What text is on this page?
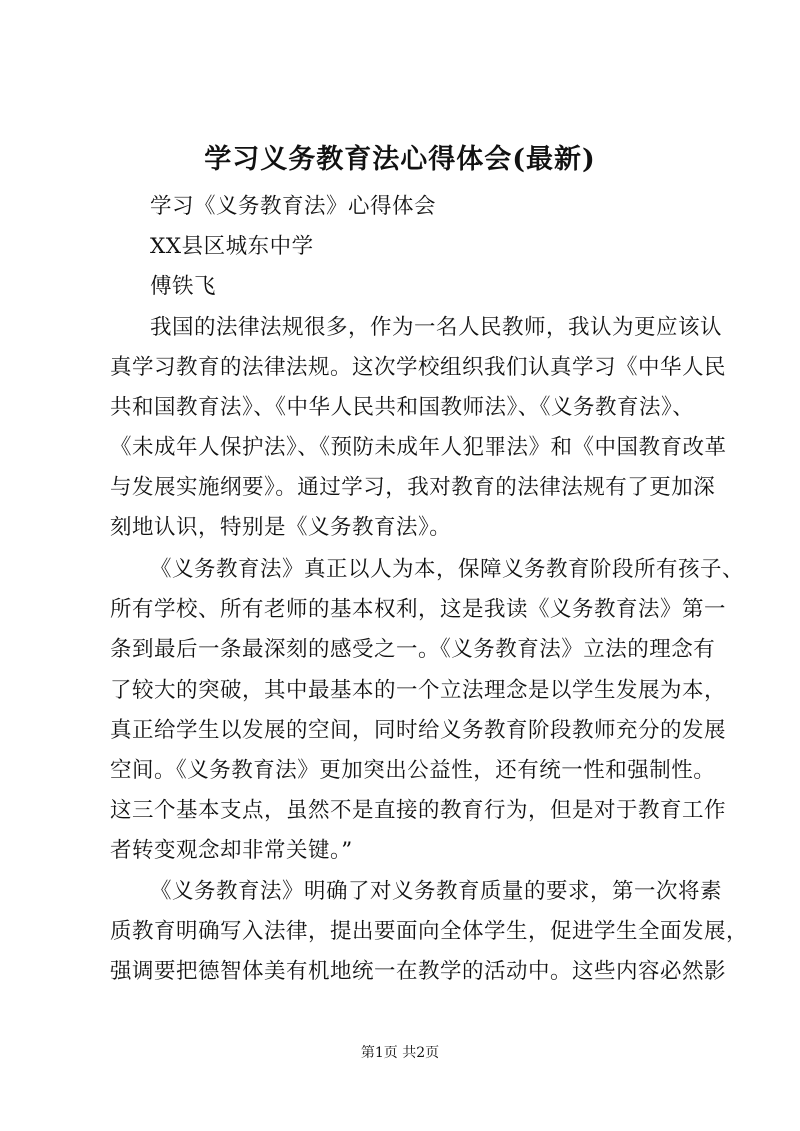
学习义务教育法心得体会(最新)
学习《义务教育法》心得体会
XX县区城东中学
傅铁飞
我国的法律法规很多，作为一名人民教师，我认为更应该认
真学习教育的法律法规。这次学校组织我们认真学习《中华人民
共和国教育法》、《中华人民共和国教师法》、《义务教育法》、
《未成年人保护法》、《预防未成年人犯罪法》和《中国教育改革
与发展实施纲要》。通过学习，我对教育的法律法规有了更加深
刻地认识，特别是《义务教育法》。
《义务教育法》真正以人为本，保障义务教育阶段所有孩子、
所有学校、所有老师的基本权利，这是我读《义务教育法》第一
条到最后一条最深刻的感受之一。《义务教育法》立法的理念有
了较大的突破，其中最基本的一个立法理念是以学生发展为本，
真正给学生以发展的空间，同时给义务教育阶段教师充分的发展
空间。《义务教育法》更加突出公益性，还有统一性和强制性。
这三个基本支点，虽然不是直接的教育行为，但是对于教育工作
者转变观念却非常关键。”
《义务教育法》明确了对义务教育质量的要求，第一次将素
质教育明确写入法律，提出要面向全体学生，促进学生全面发展，
强调要把德智体美有机地统一在教学的活动中。这些内容必然影
第1页 共2页
